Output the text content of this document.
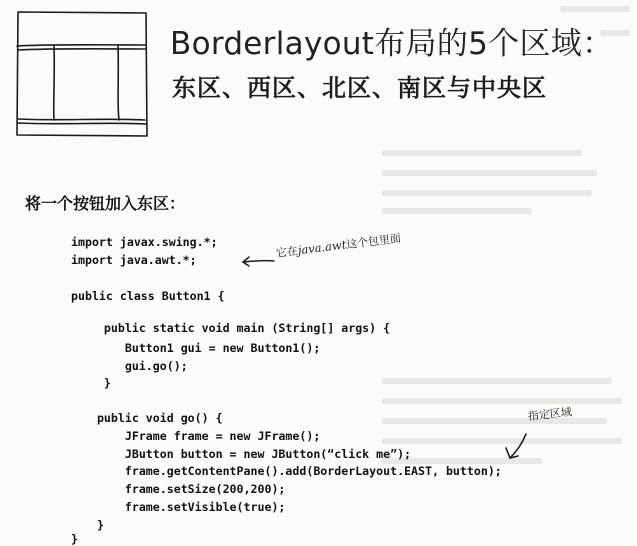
Borderlayout布局的5个区域：
东区、西区、北区、南区与中央区
将一个按钮加入东区：
import javax.swing.*;
import java.awt.*;
public class Button1 {
public static void main (String[] args) {
Button1 gui = new Button1();
gui.go();
}
public void go() {
JFrame frame = new JFrame();
JButton button = new JButton(“click me”);
frame.getContentPane().add(BorderLayout.EAST, button);
frame.setSize(200,200);
frame.setVisible(true);
}
}
它在java.awt这个包里面
指定区域
